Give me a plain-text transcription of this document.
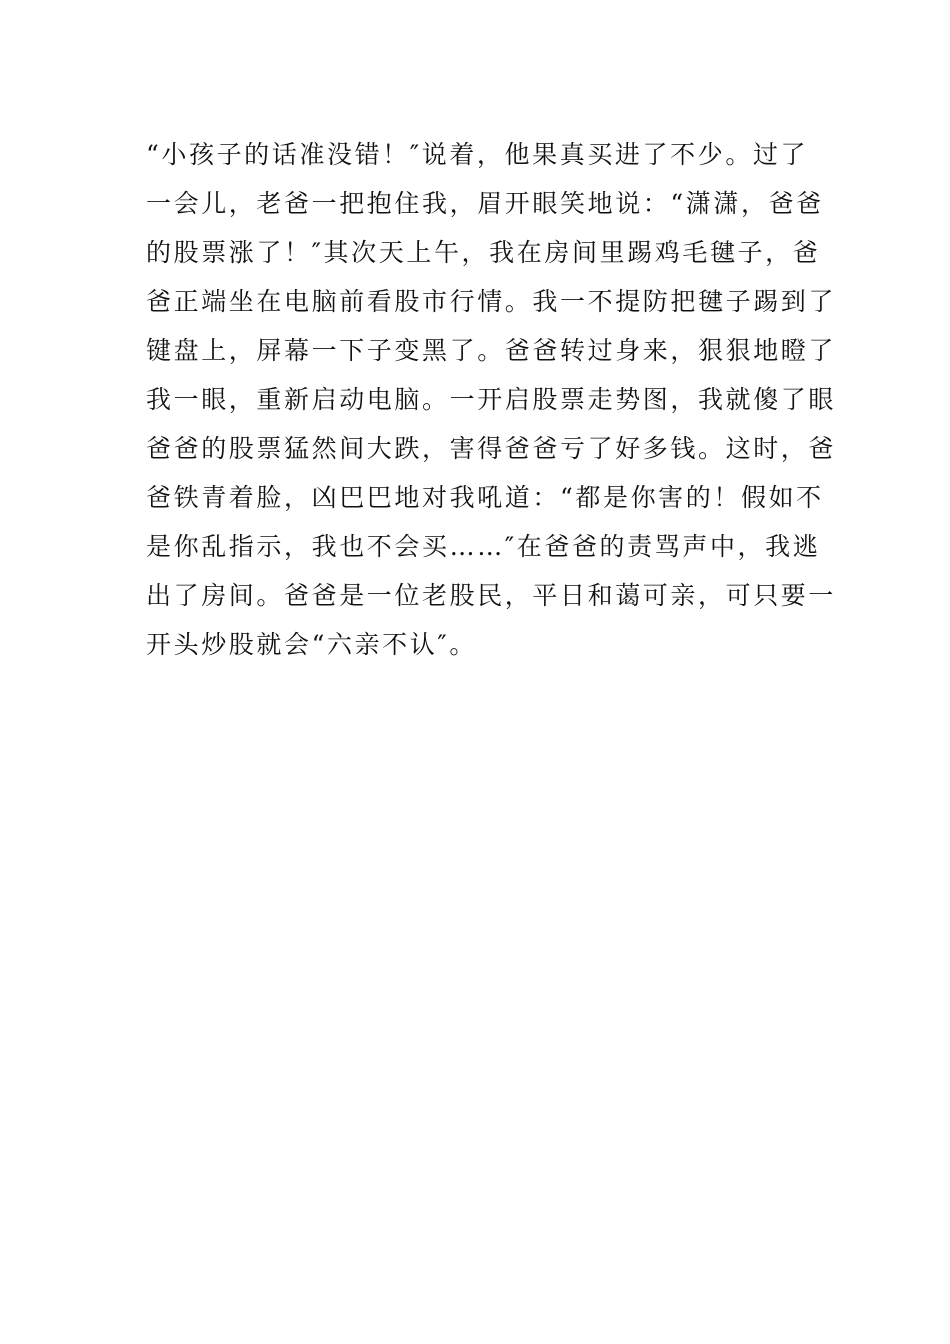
“小孩子的话准没错！″说着，他果真买进了不少。过了
一会儿，老爸一把抱住我，眉开眼笑地说：“潇潇，爸爸
的股票涨了！″其次天上午，我在房间里踢鸡毛毽子，爸
爸正端坐在电脑前看股市行情。我一不提防把毽子踢到了
键盘上，屏幕一下子变黑了。爸爸转过身来，狠狠地瞪了
我一眼，重新启动电脑。一开启股票走势图，我就傻了眼
爸爸的股票猛然间大跌，害得爸爸亏了好多钱。这时，爸
爸铁青着脸，凶巴巴地对我吼道：“都是你害的！假如不
是你乱指示，我也不会买……″在爸爸的责骂声中，我逃
出了房间。爸爸是一位老股民，平日和蔼可亲，可只要一
开头炒股就会“六亲不认″。
